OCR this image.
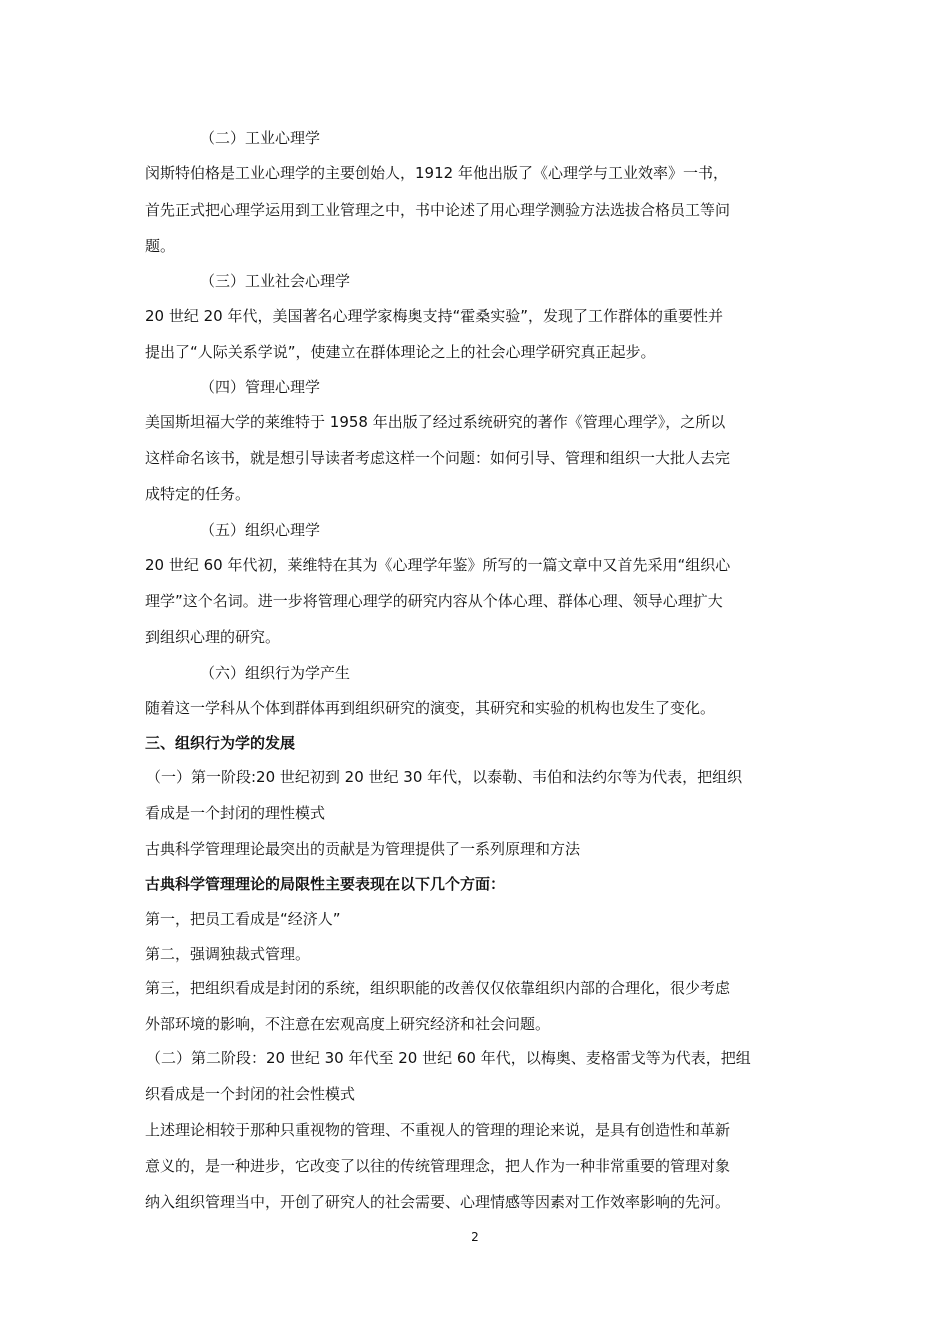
（二）工业心理学
闵斯特伯格是工业心理学的主要创始人，1912 年他出版了《心理学与工业效率》一书，
首先正式把心理学运用到工业管理之中，书中论述了用心理学测验方法选拔合格员工等问
题。
（三）工业社会心理学
20 世纪 20 年代，美国著名心理学家梅奥支持“霍桑实验”，发现了工作群体的重要性并
提出了“人际关系学说”，使建立在群体理论之上的社会心理学研究真正起步。
（四）管理心理学
美国斯坦福大学的莱维特于 1958 年出版了经过系统研究的著作《管理心理学》，之所以
这样命名该书，就是想引导读者考虑这样一个问题：如何引导、管理和组织一大批人去完
成特定的任务。
（五）组织心理学
20 世纪 60 年代初，莱维特在其为《心理学年鉴》所写的一篇文章中又首先采用“组织心
理学”这个名词。进一步将管理心理学的研究内容从个体心理、群体心理、领导心理扩大
到组织心理的研究。
（六）组织行为学产生
随着这一学科从个体到群体再到组织研究的演变，其研究和实验的机构也发生了变化。
三、组织行为学的发展
（一）第一阶段:20 世纪初到 20 世纪 30 年代，以泰勒、韦伯和法约尔等为代表，把组织
看成是一个封闭的理性模式
古典科学管理理论最突出的贡献是为管理提供了一系列原理和方法
古典科学管理理论的局限性主要表现在以下几个方面：
第一，把员工看成是“经济人”
第二，强调独裁式管理。
第三，把组织看成是封闭的系统，组织职能的改善仅仅依靠组织内部的合理化，很少考虑
外部环境的影响，不注意在宏观高度上研究经济和社会问题。
（二）第二阶段：20 世纪 30 年代至 20 世纪 60 年代，以梅奥、麦格雷戈等为代表，把组
织看成是一个封闭的社会性模式
上述理论相较于那种只重视物的管理、不重视人的管理的理论来说，是具有创造性和革新
意义的，是一种进步，它改变了以往的传统管理理念，把人作为一种非常重要的管理对象
纳入组织管理当中，开创了研究人的社会需要、心理情感等因素对工作效率影响的先河。
2
